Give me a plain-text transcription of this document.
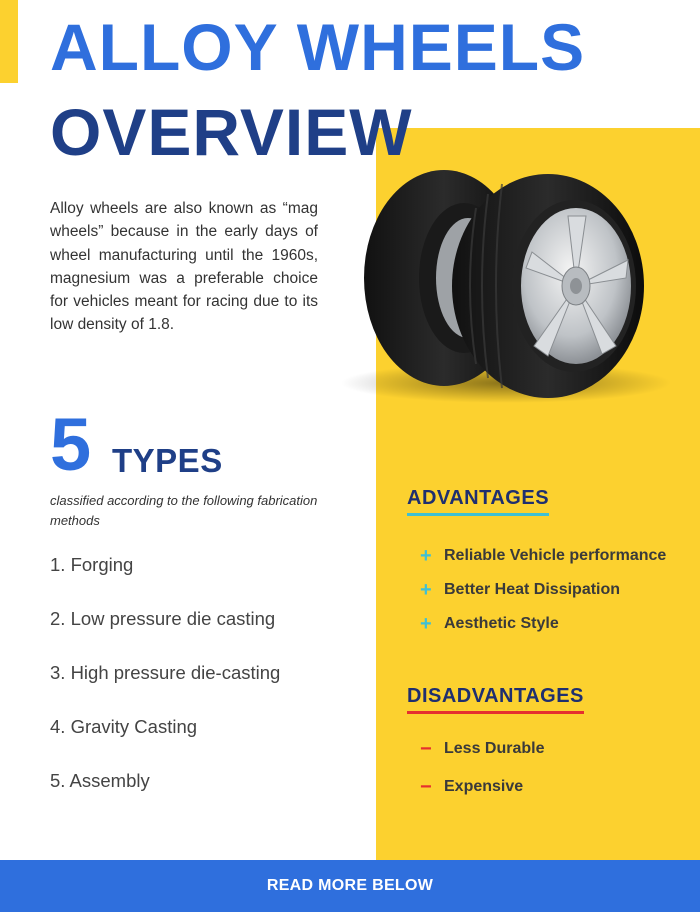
ALLOY WHEELS
OVERVIEW

Alloy wheels are also known as “mag wheels” because in the early days of wheel manufacturing until the 1960s, magnesium was a preferable choice for vehicles meant for racing due to its low density of 1.8.

5 TYPES

classified according to the following fabrication methods

1. Forging
2. Low pressure die casting
3. High pressure die-casting
4. Gravity Casting
5. Assembly
ADVANTAGES
+ Reliable Vehicle performance
+ Better Heat Dissipation
+ Aesthetic Style
DISADVANTAGES
− Less Durable
− Expensive
READ MORE BELOW
